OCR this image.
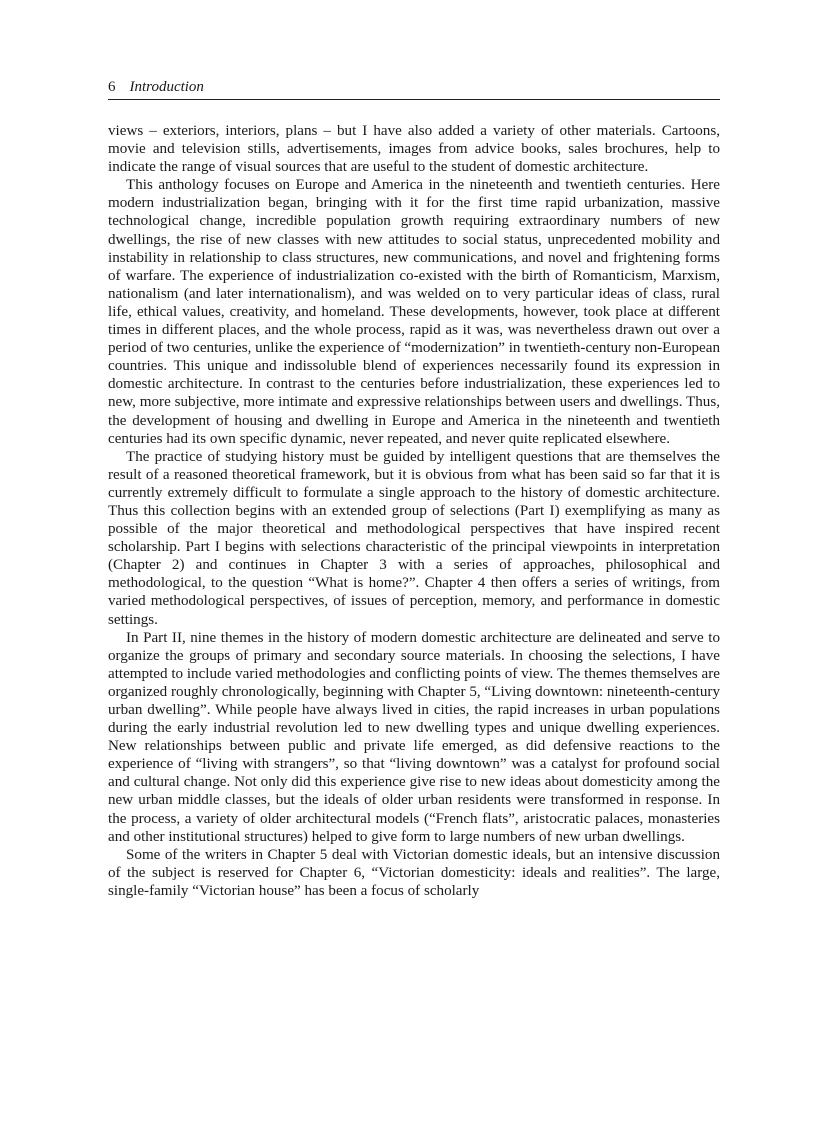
6 Introduction

views – exteriors, interiors, plans – but I have also added a variety of other materials. Cartoons, movie and television stills, advertisements, images from advice books, sales brochures, help to indicate the range of visual sources that are useful to the student of domestic architecture.

This anthology focuses on Europe and America in the nineteenth and twentieth centuries. Here modern industrialization began, bringing with it for the first time rapid urbanization, massive technological change, incredible population growth requiring extraordinary numbers of new dwellings, the rise of new classes with new attitudes to social status, unprecedented mobility and instability in relationship to class structures, new communications, and novel and frightening forms of warfare. The experience of industrialization co-existed with the birth of Romanticism, Marxism, nationalism (and later internationalism), and was welded on to very particular ideas of class, rural life, ethical values, creativity, and homeland. These developments, however, took place at different times in different places, and the whole process, rapid as it was, was nevertheless drawn out over a period of two centuries, unlike the experience of “modernization” in twentieth-century non-European countries. This unique and indissoluble blend of experiences necessarily found its expression in domestic architecture. In contrast to the centuries before industrialization, these experiences led to new, more subjective, more intimate and expressive relationships between users and dwellings. Thus, the development of housing and dwelling in Europe and America in the nineteenth and twentieth centuries had its own specific dynamic, never repeated, and never quite replicated elsewhere.

The practice of studying history must be guided by intelligent questions that are themselves the result of a reasoned theoretical framework, but it is obvious from what has been said so far that it is currently extremely difficult to formulate a single approach to the history of domestic architecture. Thus this collection begins with an extended group of selections (Part I) exemplifying as many as possible of the major theoretical and methodological perspectives that have inspired recent scholarship. Part I begins with selections characteristic of the principal viewpoints in interpretation (Chapter 2) and continues in Chapter 3 with a series of approaches, philosophical and methodological, to the question “What is home?”. Chapter 4 then offers a series of writings, from varied methodological perspectives, of issues of perception, memory, and performance in domestic settings.

In Part II, nine themes in the history of modern domestic architecture are delineated and serve to organize the groups of primary and secondary source materials. In choosing the selections, I have attempted to include varied methodologies and conflicting points of view. The themes themselves are organized roughly chronologically, beginning with Chapter 5, “Living downtown: nineteenth-century urban dwelling”. While people have always lived in cities, the rapid increases in urban populations during the early industrial revolution led to new dwelling types and unique dwelling experiences. New relationships between public and private life emerged, as did defensive reactions to the experience of “living with strangers”, so that “living downtown” was a catalyst for profound social and cultural change. Not only did this experience give rise to new ideas about domesticity among the new urban middle classes, but the ideals of older urban residents were transformed in response. In the process, a variety of older architectural models (“French flats”, aristocratic palaces, monasteries and other institutional structures) helped to give form to large numbers of new urban dwellings.

Some of the writers in Chapter 5 deal with Victorian domestic ideals, but an intensive discussion of the subject is reserved for Chapter 6, “Victorian domesticity: ideals and realities”. The large, single-family “Victorian house” has been a focus of scholarly
